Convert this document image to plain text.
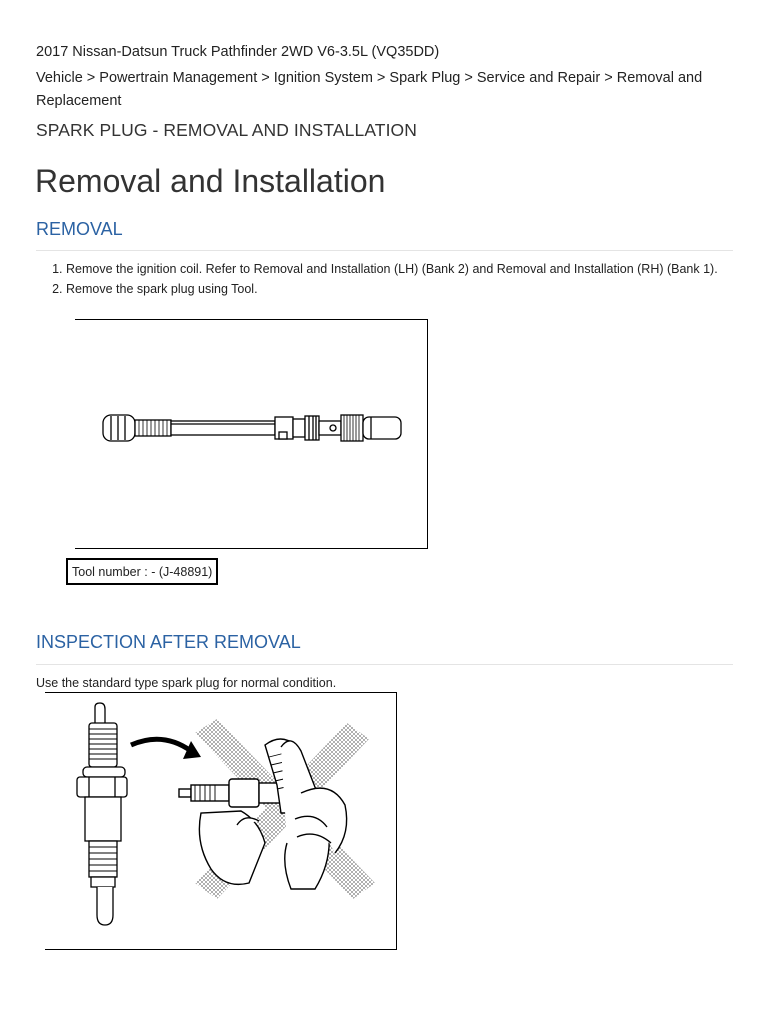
2017 Nissan-Datsun Truck Pathfinder 2WD V6-3.5L (VQ35DD)
Vehicle > Powertrain Management > Ignition System > Spark Plug > Service and Repair > Removal and Replacement
SPARK PLUG - REMOVAL AND INSTALLATION
Removal and Installation
REMOVAL
1. Remove the ignition coil. Refer to Removal and Installation (LH) (Bank 2) and Removal and Installation (RH) (Bank 1).
2. Remove the spark plug using Tool.
Tool number : - (J-48891)
INSPECTION AFTER REMOVAL
Use the standard type spark plug for normal condition.
